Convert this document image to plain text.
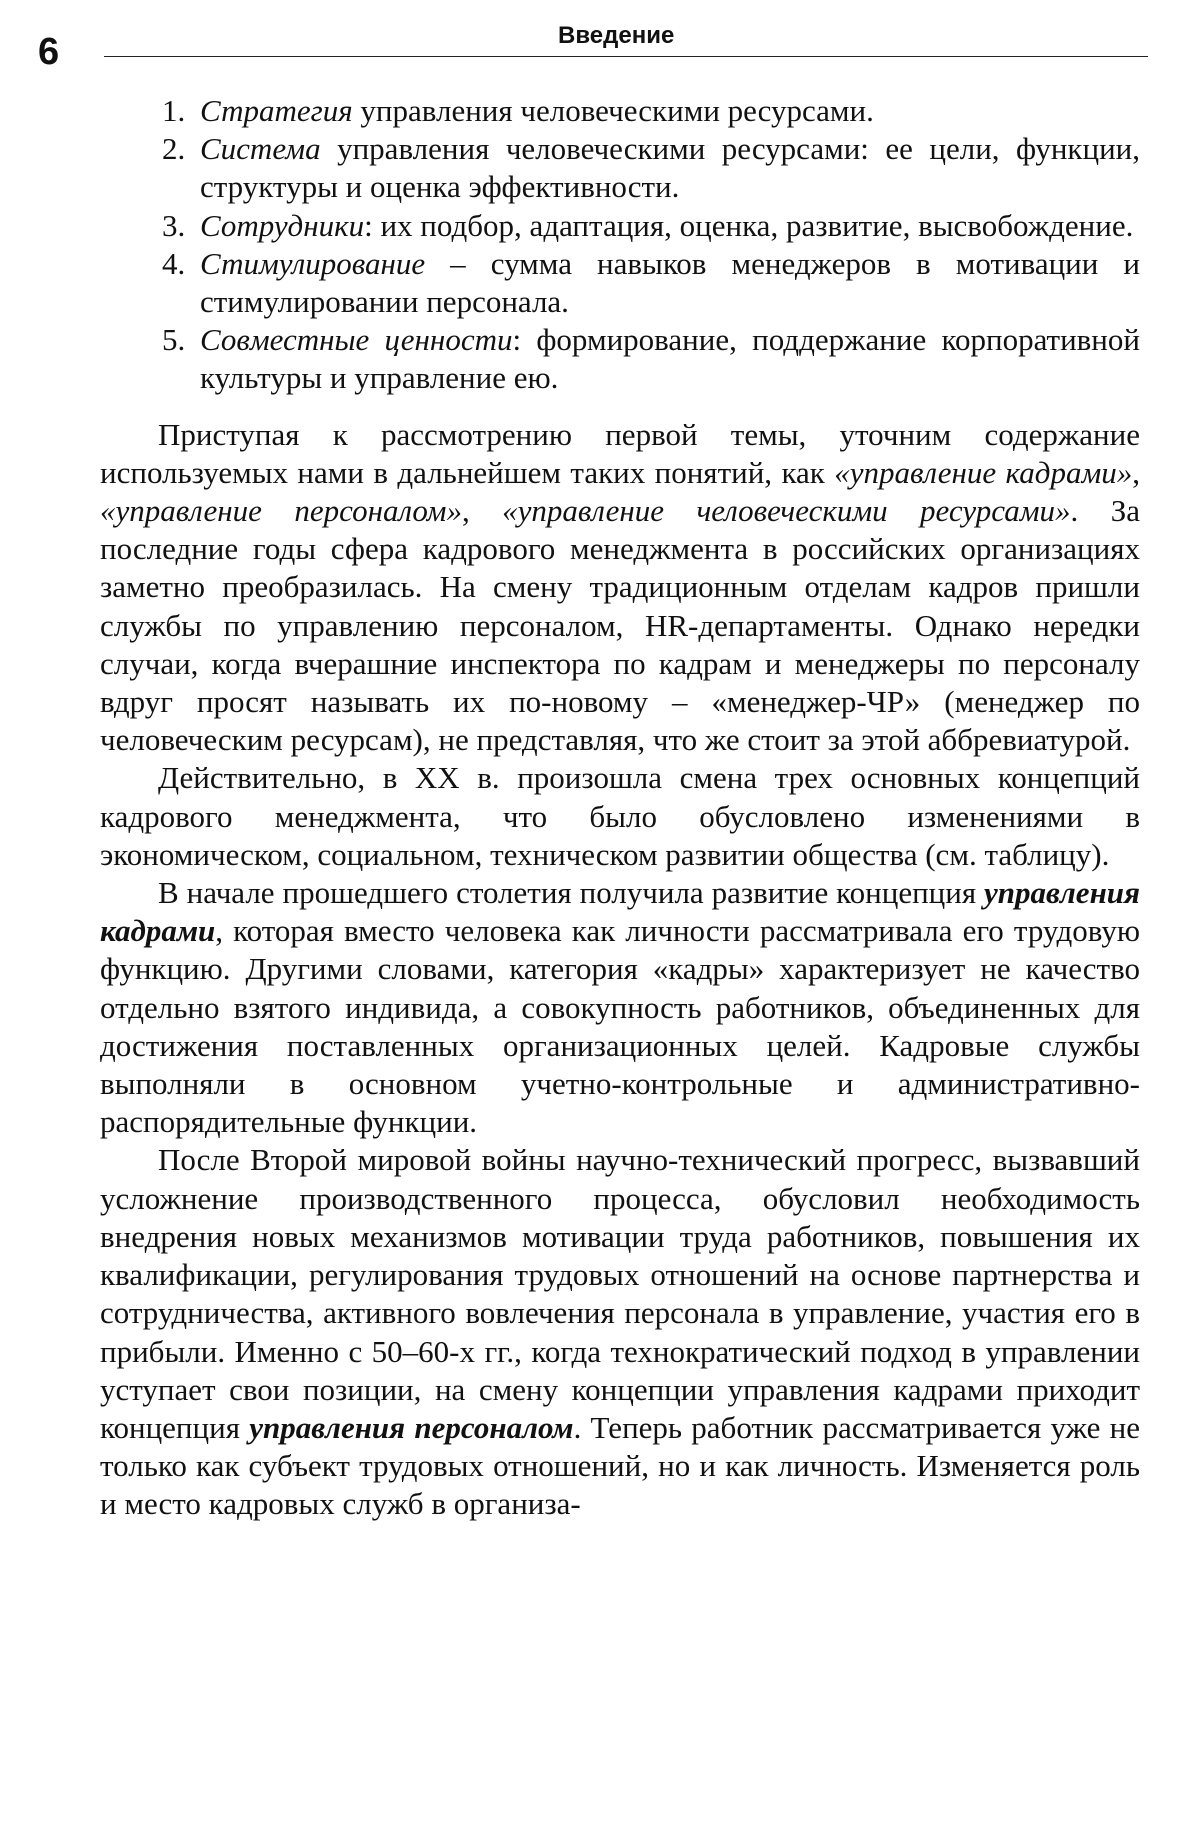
6	Введение
1. Стратегия управления человеческими ресурсами.
2. Система управления человеческими ресурсами: ее цели, функции, структуры и оценка эффективности.
3. Сотрудники: их подбор, адаптация, оценка, развитие, высвобождение.
4. Стимулирование – сумма навыков менеджеров в мотивации и стимулировании персонала.
5. Совместные ценности: формирование, поддержание корпоративной культуры и управление ею.

Приступая к рассмотрению первой темы, уточним содержание используемых нами в дальнейшем таких понятий, как «управление кадрами», «управление персоналом», «управление человеческими ресурсами». За последние годы сфера кадрового менеджмента в российских организациях заметно преобразилась. На смену традиционным отделам кадров пришли службы по управлению персоналом, HR-департаменты. Однако нередки случаи, когда вчерашние инспектора по кадрам и менеджеры по персоналу вдруг просят называть их по-новому – «менеджер-ЧР» (менеджер по человеческим ресурсам), не представляя, что же стоит за этой аббревиатурой.

Действительно, в XX в. произошла смена трех основных концепций кадрового менеджмента, что было обусловлено изменениями в экономическом, социальном, техническом развитии общества (см. таблицу).

В начале прошедшего столетия получила развитие концепция управления кадрами, которая вместо человека как личности рассматривала его трудовую функцию. Другими словами, категория «кадры» характеризует не качество отдельно взятого индивида, а совокупность работников, объединенных для достижения поставленных организационных целей. Кадровые службы выполняли в основном учетно-контрольные и административно-распорядительные функции.

После Второй мировой войны научно-технический прогресс, вызвавший усложнение производственного процесса, обусловил необходимость внедрения новых механизмов мотивации труда работников, повышения их квалификации, регулирования трудовых отношений на основе партнерства и сотрудничества, активного вовлечения персонала в управление, участия его в прибыли. Именно с 50–60-х гг., когда технократический подход в управлении уступает свои позиции, на смену концепции управления кадрами приходит концепция управления персоналом. Теперь работник рассматривается уже не только как субъект трудовых отношений, но и как личность. Изменяется роль и место кадровых служб в организа-
